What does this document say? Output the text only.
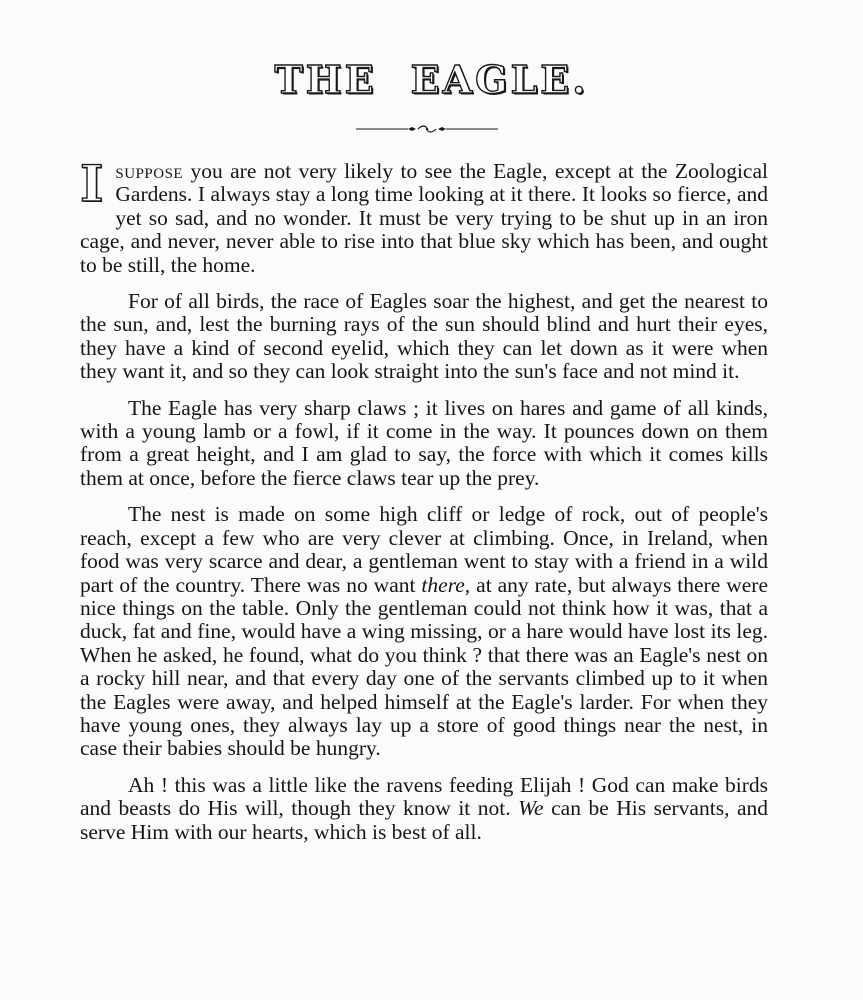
THE EAGLE.

Isuppose you are not very likely to see the Eagle, except at the Zoological Gardens. I always stay a long time looking at it there. It looks so fierce, and yet so sad, and no wonder. It must be very trying to be shut up in an iron cage, and never, never able to rise into that blue sky which has been, and ought to be still, the home.

For of all birds, the race of Eagles soar the highest, and get the nearest to the sun, and, lest the burning rays of the sun should blind and hurt their eyes, they have a kind of second eyelid, which they can let down as it were when they want it, and so they can look straight into the sun's face and not mind it.

The Eagle has very sharp claws ; it lives on hares and game of all kinds, with a young lamb or a fowl, if it come in the way. It pounces down on them from a great height, and I am glad to say, the force with which it comes kills them at once, before the fierce claws tear up the prey.

The nest is made on some high cliff or ledge of rock, out of people's reach, except a few who are very clever at climbing. Once, in Ireland, when food was very scarce and dear, a gentleman went to stay with a friend in a wild part of the country. There was no want there, at any rate, but always there were nice things on the table. Only the gentleman could not think how it was, that a duck, fat and fine, would have a wing missing, or a hare would have lost its leg. When he asked, he found, what do you think ? that there was an Eagle's nest on a rocky hill near, and that every day one of the servants climbed up to it when the Eagles were away, and helped himself at the Eagle's larder. For when they have young ones, they always lay up a store of good things near the nest, in case their babies should be hungry.

Ah ! this was a little like the ravens feeding Elijah ! God can make birds and beasts do His will, though they know it not. We can be His servants, and serve Him with our hearts, which is best of all.
